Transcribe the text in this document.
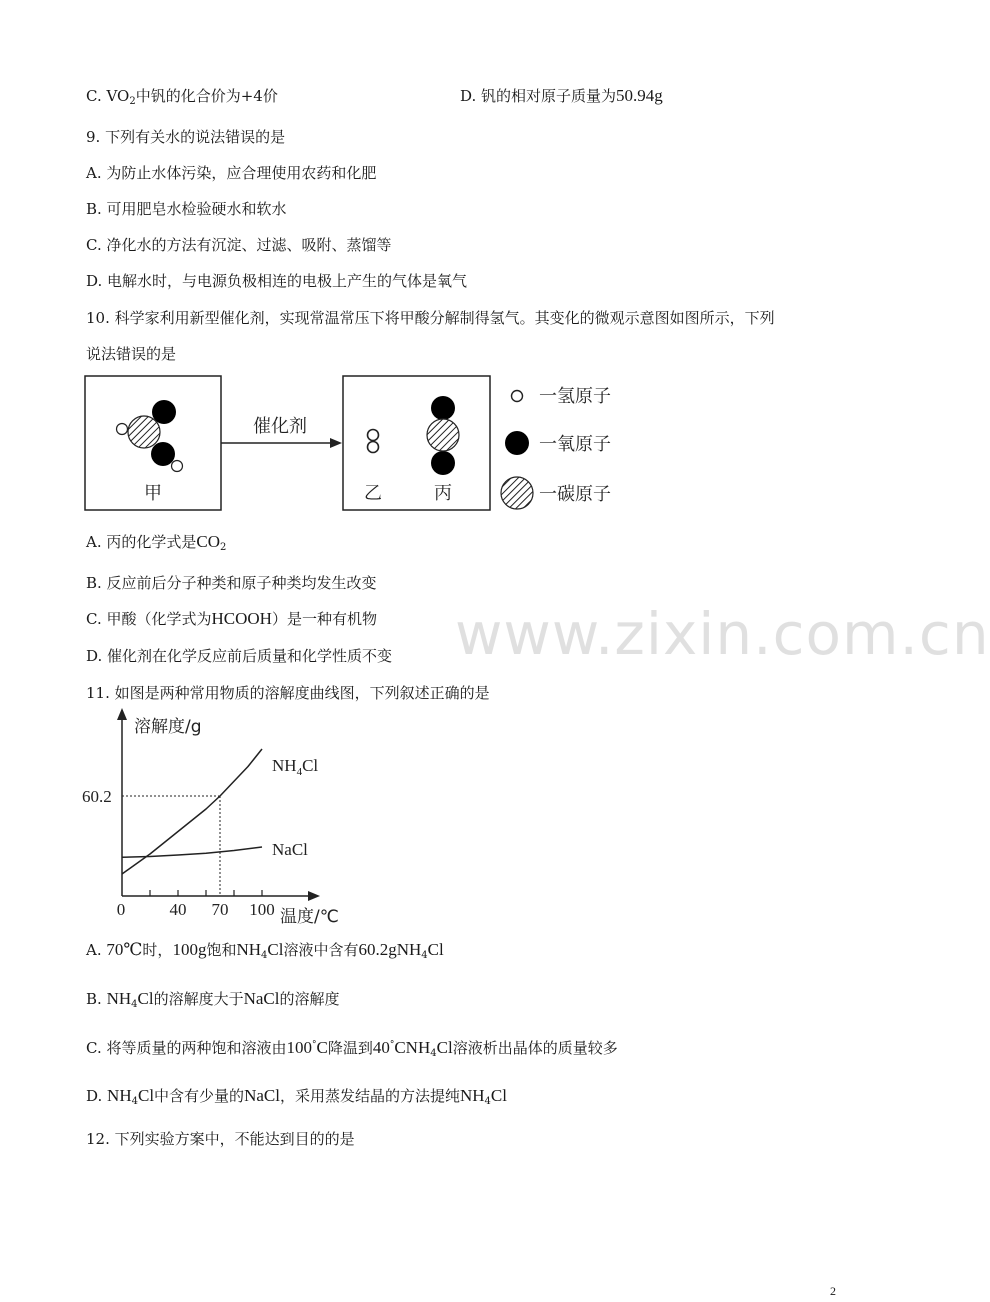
C. $VO_2$中钒的化合价为+4价	D. 钒的相对原子质量为50.94g
9. 下列有关水的说法错误的是
A. 为防止水体污染，应合理使用农药和化肥
B. 可用肥皂水检验硬水和软水
C. 净化水的方法有沉淀、过滤、吸附、蒸馏等
D. 电解水时，与电源负极相连的电极上产生的气体是氧气
10. 科学家利用新型催化剂，实现常温常压下将甲酸分解制得氢气。其变化的微观示意图如图所示，下列
说法错误的是
甲
催化剂
乙	丙
一氢原子
一氧原子
一碳原子
A. 丙的化学式是$CO_2$
B. 反应前后分子种类和原子种类均发生改变
C. 甲酸（化学式为HCOOH）是一种有机物
D. 催化剂在化学反应前后质量和化学性质不变
11. 如图是两种常用物质的溶解度曲线图，下列叙述正确的是
0	40 70 100 温度/℃
溶解度/g
60.2
$NH_4Cl$
NaCl
A. 70℃时，100g饱和$NH_4Cl$溶液中含有60.2gNH$_4$Cl
B. $NH_4Cl$的溶解度大于NaCl的溶解度
C. 将等质量的两种饱和溶液由100°C降温到$40^\circ CNH_4Cl$溶液析出晶体的质量较多
D. $NH_4Cl$中含有少量的NaCl，采用蒸发结晶的方法提纯$NH_4Cl$
12. 下列实验方案中，不能达到目的的是
www.zixin.com.cn
2
